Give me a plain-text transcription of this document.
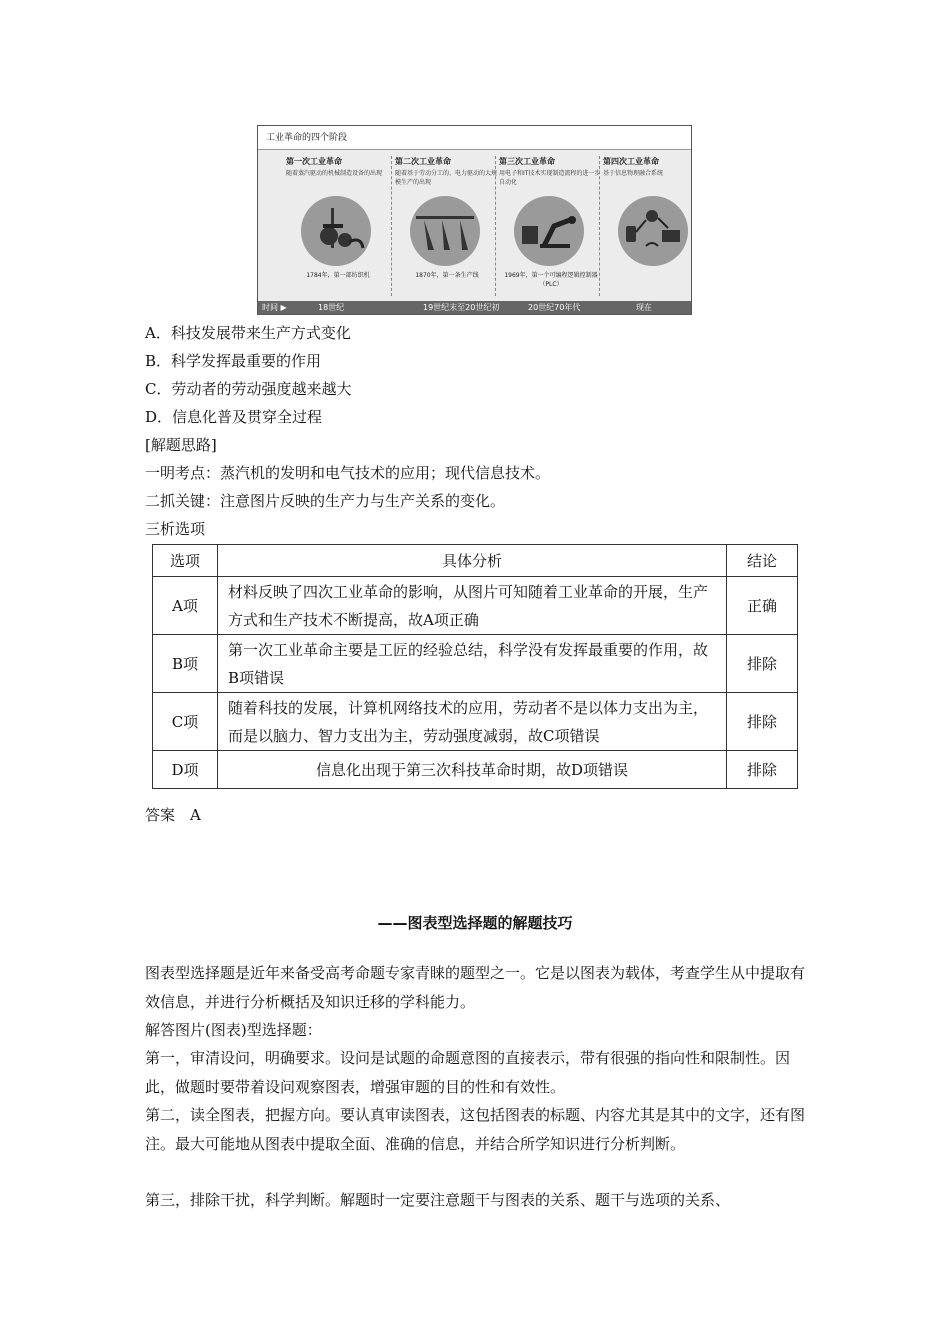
工业革命的四个阶段
第一次工业革命
随着蒸汽驱动的机械制造设备的出现
1784年，第一部纺织机
第二次工业革命
随着基于劳动分工的、电力驱动的大规模生产的出现
1870年，第一条生产线
第三次工业革命
用电子和IT技术实现制造流程的进一步自动化
1969年，第一个可编程逻辑控制器（PLC）
第四次工业革命
基于信息物理融合系统
时间 ▶	18世纪	19世纪末至20世纪初	20世纪70年代	现在
A．科技发展带来生产方式变化
B．科学发挥最重要的作用
C．劳动者的劳动强度越来越大
D．信息化普及贯穿全过程
[解题思路]
一明考点：蒸汽机的发明和电气技术的应用；现代信息技术。
二抓关键：注意图片反映的生产力与生产关系的变化。
三析选项
选项	具体分析	结论
A项	材料反映了四次工业革命的影响，从图片可知随着工业革命的开展，生产方式和生产技术不断提高，故A项正确	正确
B项	第一次工业革命主要是工匠的经验总结，科学没有发挥最重要的作用，故B项错误	排除
C项	随着科技的发展，计算机网络技术的应用，劳动者不是以体力支出为主，而是以脑力、智力支出为主，劳动强度减弱，故C项错误	排除
D项	信息化出现于第三次科技革命时期，故D项错误	排除
答案　A
——图表型选择题的解题技巧
图表型选择题是近年来备受高考命题专家青睐的题型之一。它是以图表为载体，考查学生从中提取有效信息，并进行分析概括及知识迁移的学科能力。
解答图片(图表)型选择题：
第一，审清设问，明确要求。设问是试题的命题意图的直接表示，带有很强的指向性和限制性。因此，做题时要带着设问观察图表，增强审题的目的性和有效性。
第二，读全图表，把握方向。要认真审读图表，这包括图表的标题、内容尤其是其中的文字，还有图注。最大可能地从图表中提取全面、准确的信息，并结合所学知识进行分析判断。
第三，排除干扰，科学判断。解题时一定要注意题干与图表的关系、题干与选项的关系、
